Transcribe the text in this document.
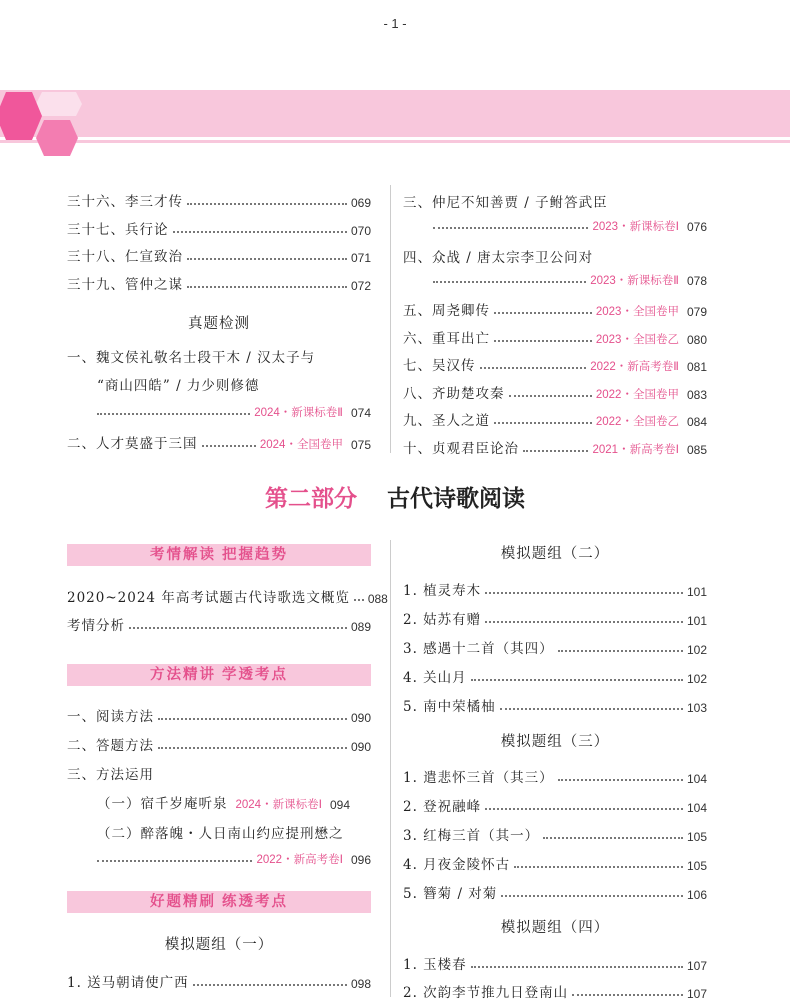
- 1 -
三十六、李三才传	069
三十七、兵行论	070
三十八、仁宣致治	071
三十九、管仲之谋	072
真题检测
一、魏文侯礼敬名士段干木 / 汉太子与
“商山四皓” / 力少则修德
2024・新课标卷Ⅱ 074
二、人才莫盛于三国	2024・全国卷甲 075
三、仲尼不知善贾 / 子鲋答武臣
2023・新课标卷Ⅰ 076
四、众战 / 唐太宗李卫公问对
2023・新课标卷Ⅱ 078
五、周尧卿传	2023・全国卷甲 079
六、重耳出亡	2023・全国卷乙 080
七、吴汉传	2022・新高考卷Ⅱ 081
八、齐助楚攻秦	2022・全国卷甲 083
九、圣人之道	2022・全国卷乙 084
十、贞观君臣论治	2021・新高考卷Ⅰ 085
第二部分 古代诗歌阅读
考情解读 把握趋势
2020~2024 年高考试题古代诗歌选文概览 088
考情分析	089
方法精讲 学透考点
一、阅读方法	090
二、答题方法	090
三、方法运用
（一）宿千岁庵听泉 2024・新课标卷Ⅰ 094
（二）醉落魄・人日南山约应提刑懋之
2022・新高考卷Ⅰ 096
好题精刷 练透考点
模拟题组（一）
1. 送马朝请使广西	098
模拟题组（二）
1. 植灵寿木	101
2. 姑苏有赠	101
3. 感遇十二首（其四）	102
4. 关山月	102
5. 南中荣橘柚	103
模拟题组（三）
1. 遣悲怀三首（其三）	104
2. 登祝融峰	104
3. 红梅三首（其一）	105
4. 月夜金陵怀古	105
5. 簪菊 / 对菊	106
模拟题组（四）
1. 玉楼春	107
2. 次韵李节推九日登南山	107
